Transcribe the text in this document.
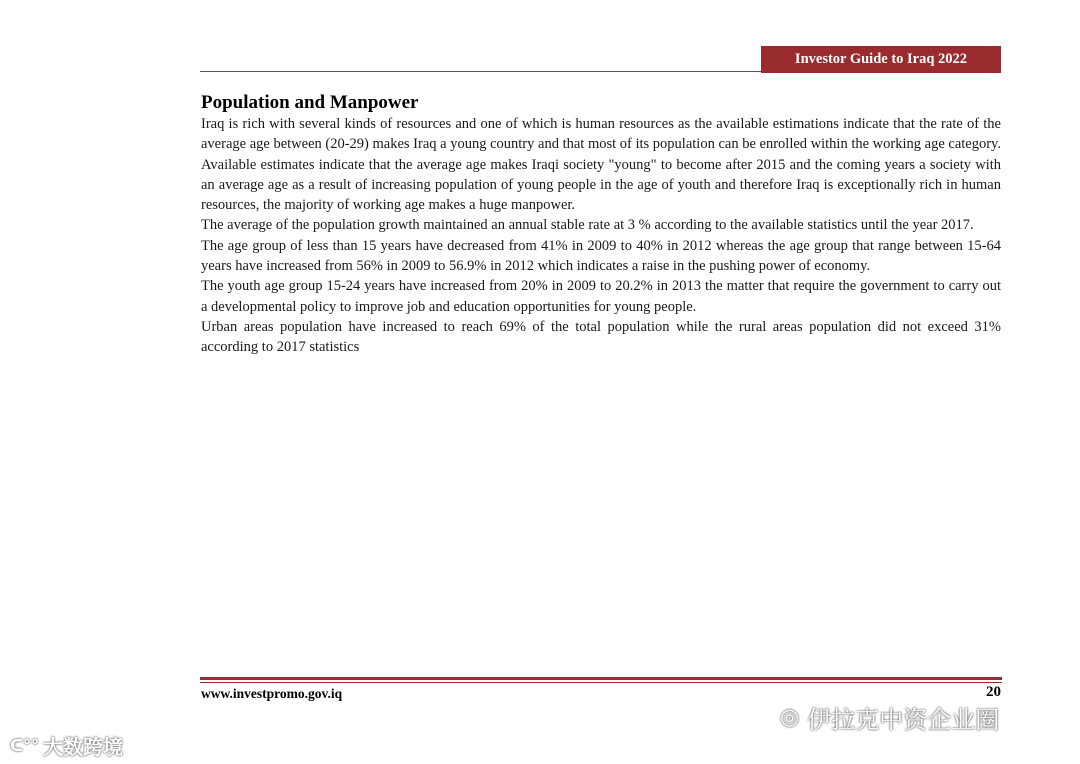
Investor Guide to Iraq 2022
Population and Manpower

Iraq is rich with several kinds of resources and one of which is human resources as the available estimations indicate that the rate of the average age between (20-29) makes Iraq a young country and that most of its population can be enrolled within the working age category. Available estimates indicate that the average age makes Iraqi society "young" to become after 2015 and the coming years a society with an average age as a result of increasing population of young people in the age of youth and therefore Iraq is exceptionally rich in human resources, the majority of working age makes a huge manpower.

The average of the population growth maintained an annual stable rate at 3 % according to the available statistics until the year 2017.

The age group of less than 15 years have decreased from 41% in 2009 to 40% in 2012 whereas the age group that range between 15-64 years have increased from 56% in 2009 to 56.9% in 2012 which indicates a raise in the pushing power of economy.

The youth age group 15-24 years have increased from 20% in 2009 to 20.2% in 2013 the matter that require the government to carry out a developmental policy to improve job and education opportunities for young people.

Urban areas population have increased to reach 69% of the total population while the rural areas population did not exceed 31% according to 2017 statistics

www.investpromo.gov.iq	20
ᑕ°° 大数跨境
◎ 伊拉克中资企业圈
